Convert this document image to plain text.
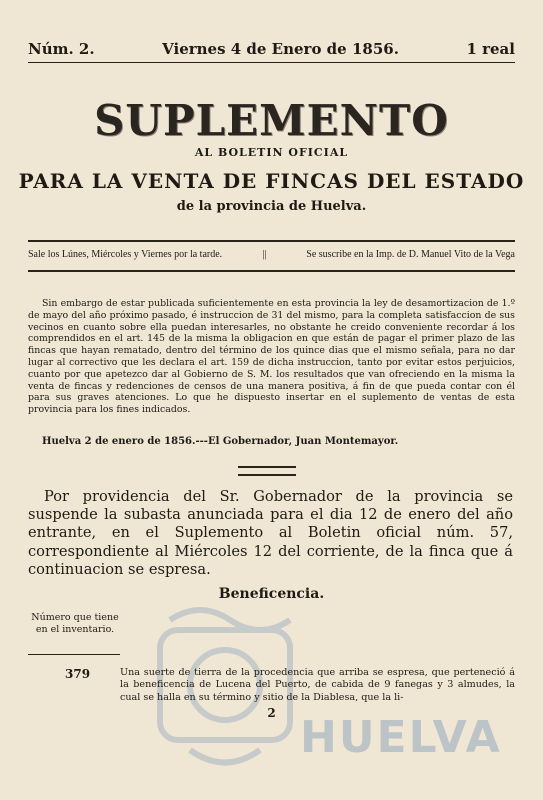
Núm. 2.	Viernes 4 de Enero de 1856.	1 real
SUPLEMENTO
AL BOLETIN OFICIAL
PARA LA VENTA DE FINCAS DEL ESTADO
de la provincia de Huelva.
Sale los Lúnes, Miércoles y Viernes por la tarde.	||	Se suscribe en la Imp. de D. Manuel Vito de la Vega
Sin embargo de estar publicada suficientemente en esta provincia la ley de desamortizacion de 1.º de mayo del año próximo pasado, é instruccion de 31 del mismo, para la completa satisfaccion de sus vecinos en cuanto sobre ella puedan interesarles, no obstante he creido conveniente recordar á los comprendidos en el art. 145 de la misma la obligacion en que están de pagar el primer plazo de las fincas que hayan rematado, dentro del término de los quince dias que el mismo señala, para no dar lugar al correctivo que les declara el art. 159 de dicha instruccion, tanto por evitar estos perjuicios, cuanto por que apetezco dar al Gobierno de S. M. los resultados que van ofreciendo en la misma la venta de fincas y redenciones de censos de una manera positiva, á fin de que pueda contar con él para sus graves atenciones. Lo que he dispuesto insertar en el suplemento de ventas de esta provincia para los fines indicados.
Huelva 2 de enero de 1856.---El Gobernador, Juan Montemayor.
Por providencia del Sr. Gobernador de la provincia se suspende la subasta anunciada para el dia 12 de enero del año entrante, en el Suplemento al Boletin oficial núm. 57, correspondiente al Miércoles 12 del corriente, de la finca que á continuacion se espresa.
Beneficencia.
Número que tiene en el inventario.
379	Una suerte de tierra de la procedencia que arriba se espresa, que perteneció á la beneficencia de Lucena del Puerto, de cabida de 9 fanegas y 3 almudes, la cual se halla en su término y sitio de la Diablesa, que la li-
2 HUELVA
